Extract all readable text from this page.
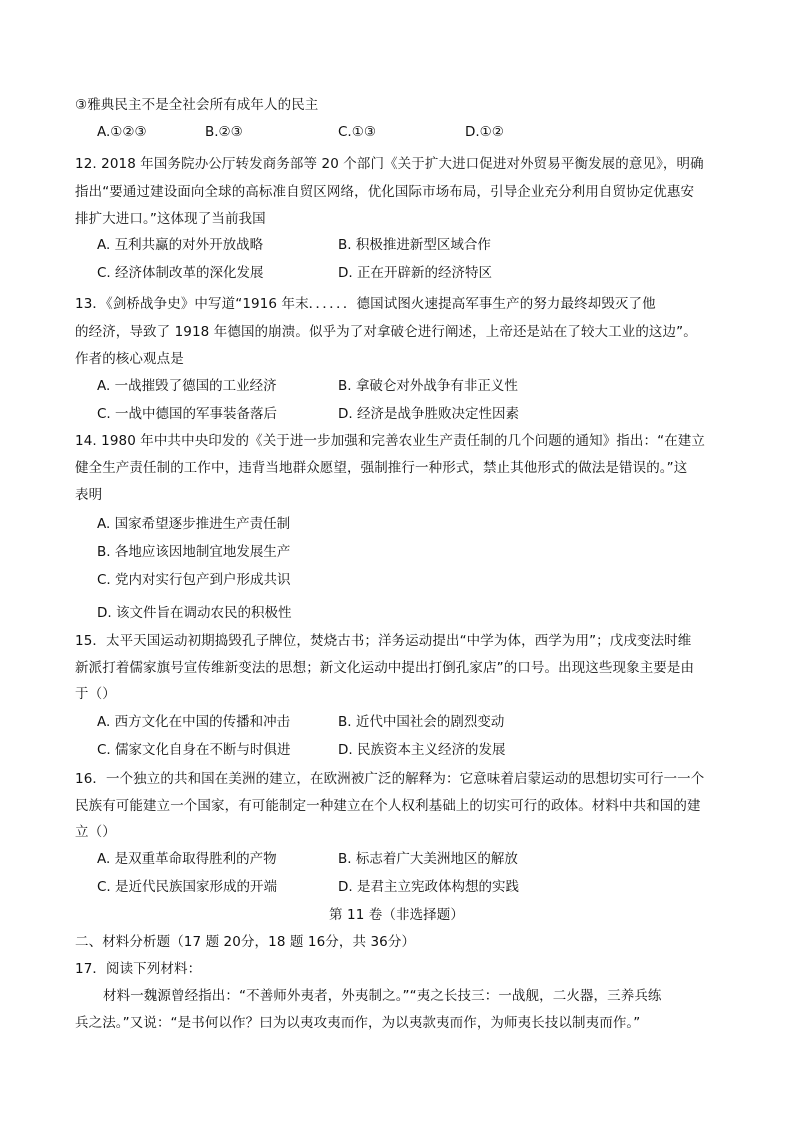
③雅典民主不是全社会所有成年人的民主
A.①②③	B.②③	C.①③	D.①②
12. 2018 年国务院办公厅转发商务部等 20 个部门《关于扩大进口促进对外贸易平衡发展的意见》，明确
指出“要通过建设面向全球的高标准自贸区网络，优化国际市场布局，引导企业充分利用自贸协定优惠安
排扩大进口。”这体现了当前我国
A. 互利共赢的对外开放战略	B. 积极推进新型区域合作
C. 经济体制改革的深化发展	D. 正在开辟新的经济特区
13．《剑桥战争史》中写道“1916 年末．．．．．．德国试图火速提高军事生产的努力最终却毁灭了他
的经济，导致了 1918 年德国的崩溃。似乎为了对拿破仑进行阐述，上帝还是站在了较大工业的这边”。
作者的核心观点是
A. 一战摧毁了德国的工业经济	B. 拿破仑对外战争有非正义性
C. 一战中德国的军事装备落后	D. 经济是战争胜败决定性因素
14. 1980 年中共中央印发的《关于进一步加强和完善农业生产责任制的几个问题的通知》指出：“在建立
健全生产责任制的工作中，违背当地群众愿望，强制推行一种形式，禁止其他形式的做法是错误的。”这
表明
A. 国家希望逐步推进生产责任制
B. 各地应该因地制宜地发展生产
C. 党内对实行包产到户形成共识
D. 该文件旨在调动农民的积极性
15．太平天国运动初期捣毁孔子牌位，焚烧古书；洋务运动提出“中学为体，西学为用”；戊戌变法时维
新派打着儒家旗号宣传维新变法的思想；新文化运动中提出打倒孔家店”的口号。出现这些现象主要是由
于（）
A. 西方文化在中国的传播和冲击	B. 近代中国社会的剧烈变动
C. 儒家文化自身在不断与时俱进	D. 民族资本主义经济的发展
16．一个独立的共和国在美洲的建立，在欧洲被广泛的解释为：它意味着启蒙运动的思想切实可行一一个
民族有可能建立一个国家，有可能制定一种建立在个人权利基础上的切实可行的政体。材料中共和国的建
立（）
A. 是双重革命取得胜利的产物	B. 标志着广大美洲地区的解放
C. 是近代民族国家形成的开端	D. 是君主立宪政体构想的实践
第 11 卷（非选择题）
二、材料分析题（17 题 20分，18 题 16分，共 36分）
17．阅读下列材料：
材料一魏源曾经指出：“不善师外夷者，外夷制之。”“夷之长技三：一战舰，二火器，三养兵练
兵之法。”又说：“是书何以作？曰为以夷攻夷而作，为以夷款夷而作，为师夷长技以制夷而作。”
